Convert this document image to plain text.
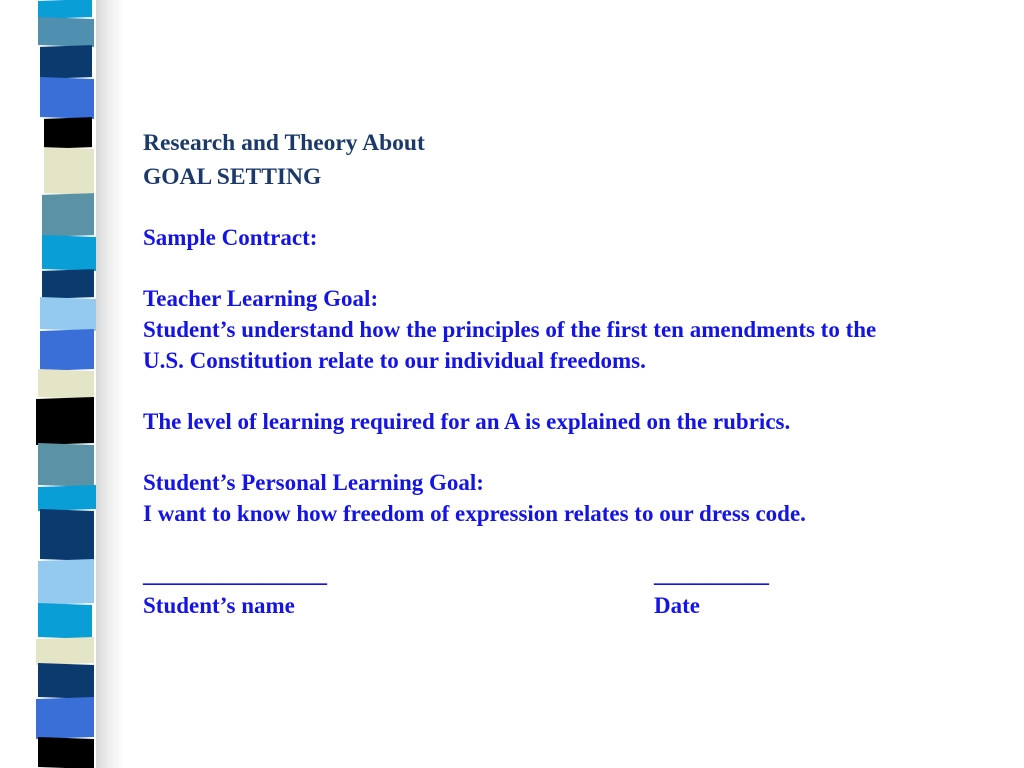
Research and Theory About

GOAL SETTING

Sample Contract:

Teacher Learning Goal:

Student’s understand how the principles of the first ten amendments to the

U.S. Constitution relate to our individual freedoms.

The level of learning required for an A is explained on the rubrics.

Student’s Personal Learning Goal:

I want to know how freedom of expression relates to our dress code.

________________	__________
Student’s name	Date
